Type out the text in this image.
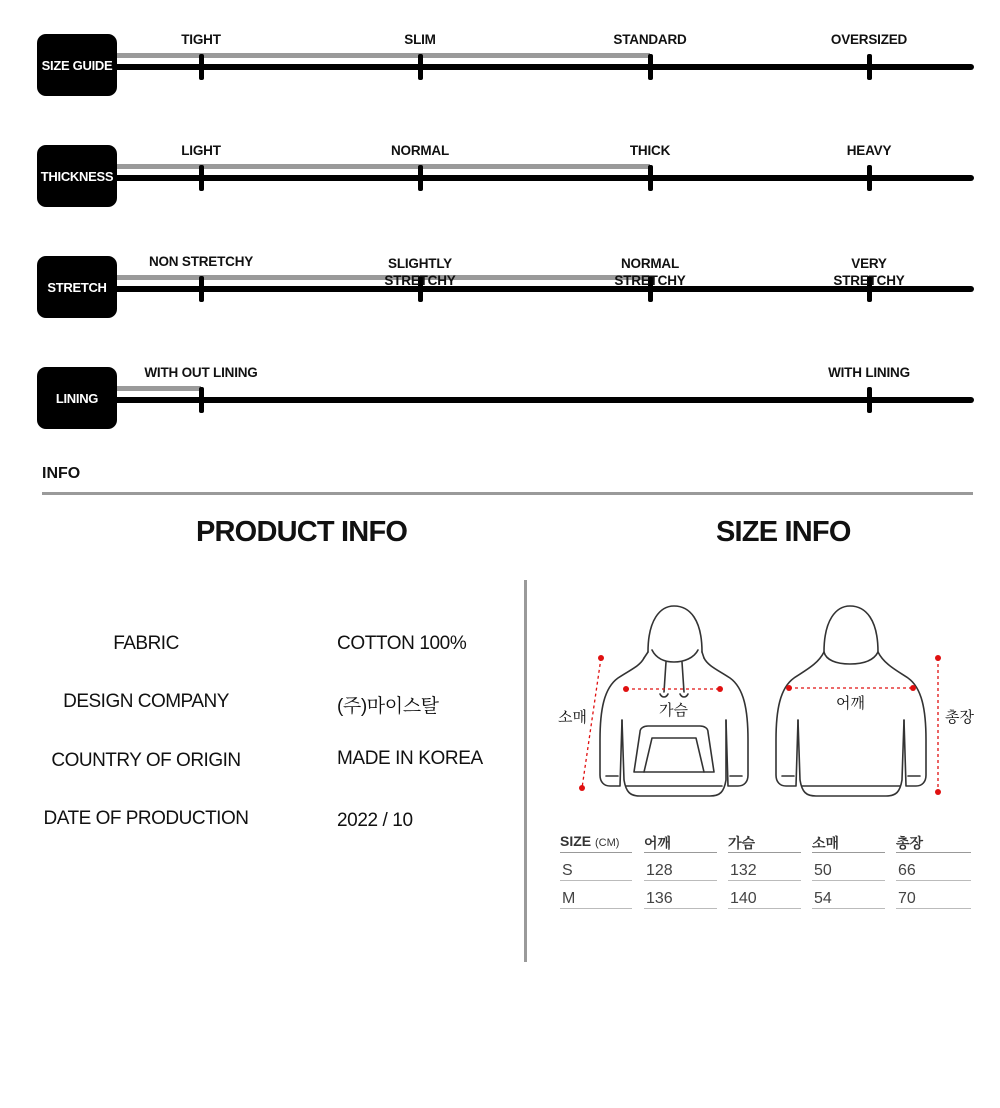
SIZE GUIDE
TIGHT	SLIM	STANDARD	OVERSIZED
THICKNESS
LIGHT	NORMAL	THICK	HEAVY
STRETCH
NON STRETCHY	SLIGHTLY
STRETCHY
NORMAL
STRETCHY
VERY
STRETCHY
LINING
WITH OUT LINING	WITH LINING
INFO
PRODUCT INFO	SIZE INFO
FABRIC	COTTON 100%
DESIGN COMPANY	(주)마이스탈
COUNTRY OF ORIGIN	MADE IN KOREA
DATE OF PRODUCTION	2022 / 10
소매	가슴	어깨
총장
SIZE (CM) 어깨	가슴	소매	총장
S	128	132	50	66
M	136	140	54	70
